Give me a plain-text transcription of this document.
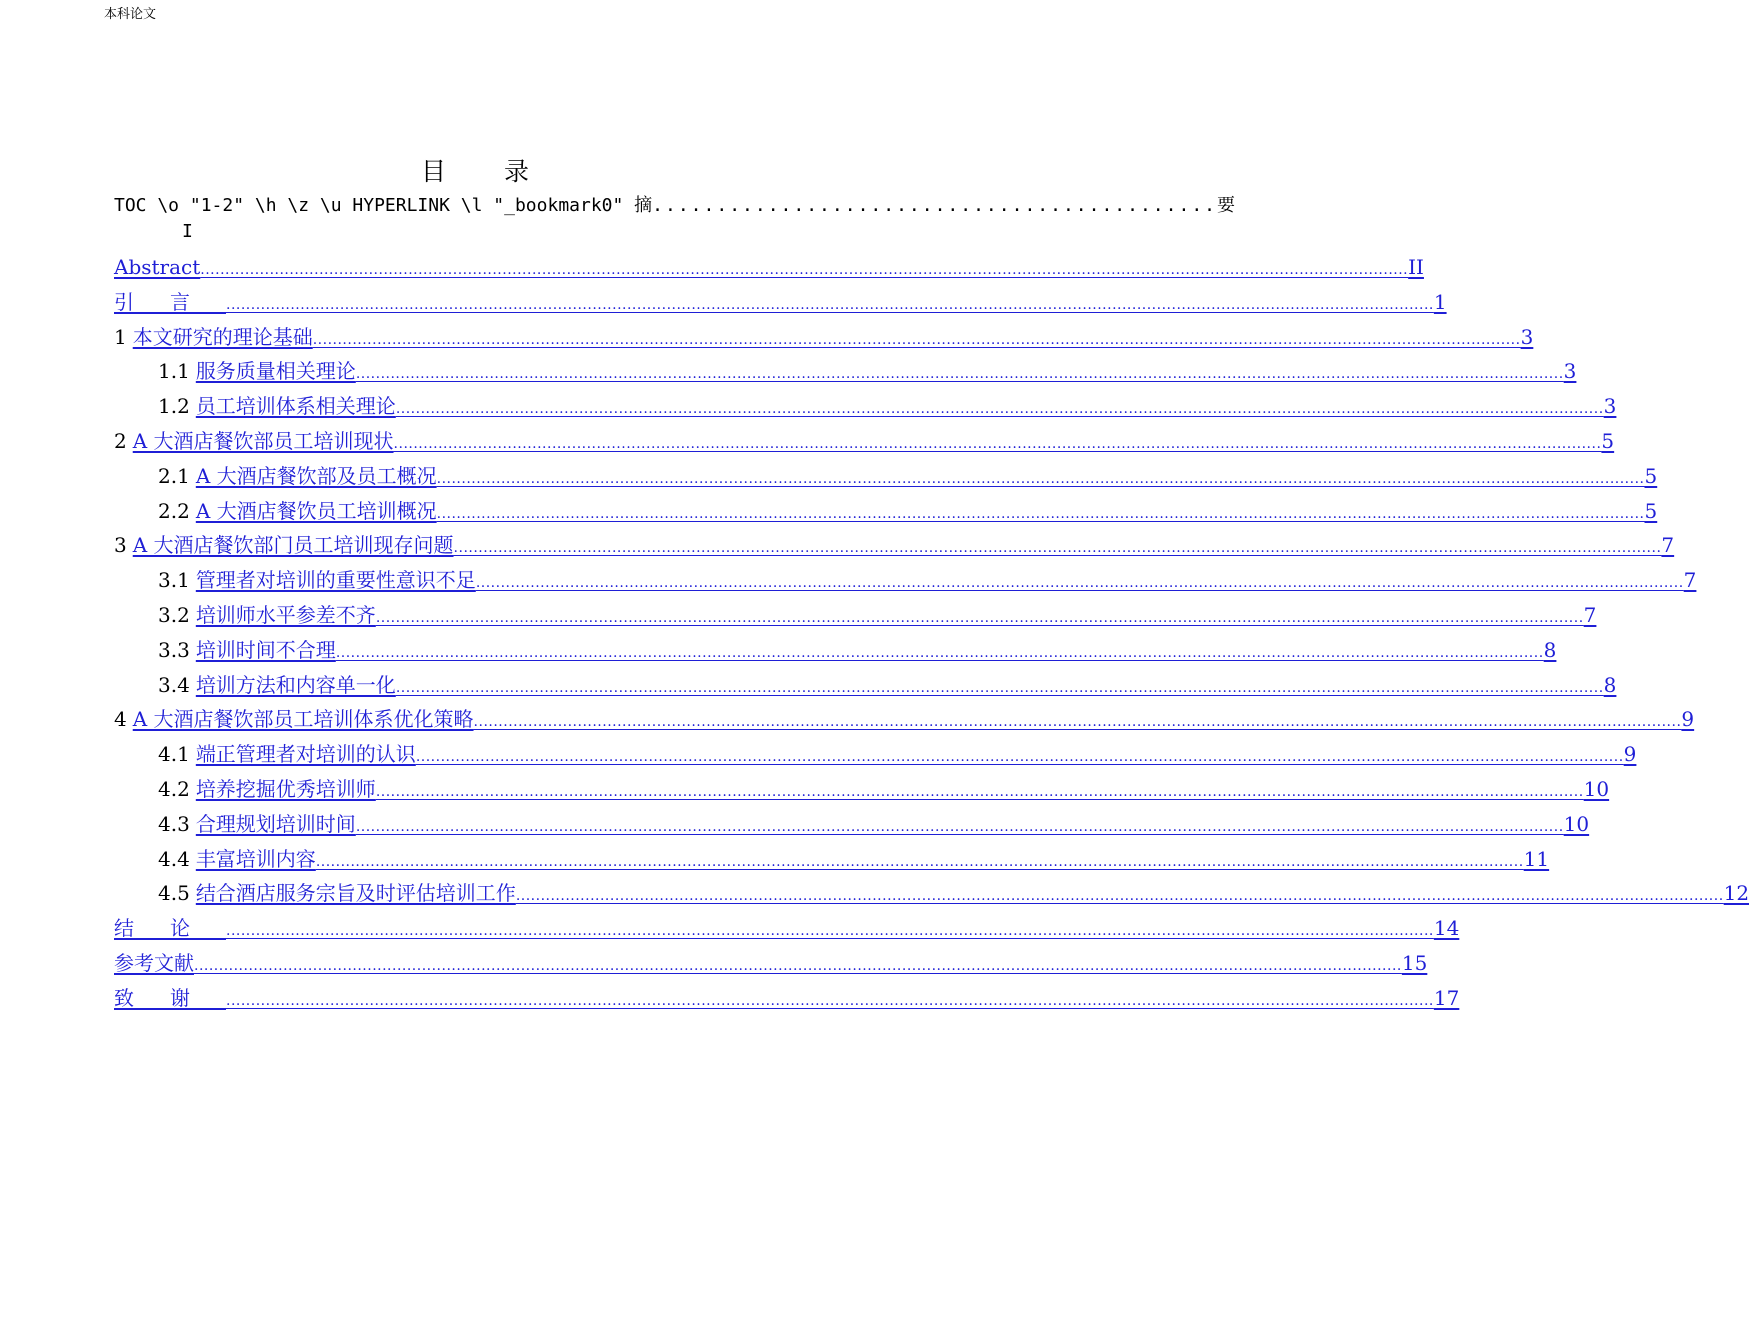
本科论文
目 录
TOC \o "1-2" \h \z \u HYPERLINK \l "_bookmark0" 摘 ............................................ 要
I
Abstract .................................................................................................................................................................................................................................................... II
引言 .................................................................................................................................................................................................................................................... 1
1 本文研究的理论基础 .................................................................................................................................................................................................................................................... 3
1.1 服务质量相关理论 .................................................................................................................................................................................................................................................... 3
1.2 员工培训体系相关理论 .................................................................................................................................................................................................................................................... 3
2 A 大酒店餐饮部员工培训现状 .................................................................................................................................................................................................................................................... 5
2.1 A 大酒店餐饮部及员工概况 .................................................................................................................................................................................................................................................... 5
2.2 A 大酒店餐饮员工培训概况 .................................................................................................................................................................................................................................................... 5
3 A 大酒店餐饮部门员工培训现存问题 .................................................................................................................................................................................................................................................... 7
3.1 管理者对培训的重要性意识不足 .................................................................................................................................................................................................................................................... 7
3.2 培训师水平参差不齐 .................................................................................................................................................................................................................................................... 7
3.3 培训时间不合理 .................................................................................................................................................................................................................................................... 8
3.4 培训方法和内容单一化 .................................................................................................................................................................................................................................................... 8
4 A 大酒店餐饮部员工培训体系优化策略 .................................................................................................................................................................................................................................................... 9
4.1 端正管理者对培训的认识 .................................................................................................................................................................................................................................................... 9
4.2 培养挖掘优秀培训师 .................................................................................................................................................................................................................................................... 10
4.3 合理规划培训时间 .................................................................................................................................................................................................................................................... 10
4.4 丰富培训内容 .................................................................................................................................................................................................................................................... 11
4.5 结合酒店服务宗旨及时评估培训工作 .................................................................................................................................................................................................................................................... 12
结论 .................................................................................................................................................................................................................................................... 14
参考文献 .................................................................................................................................................................................................................................................... 15
致谢 .................................................................................................................................................................................................................................................... 17
